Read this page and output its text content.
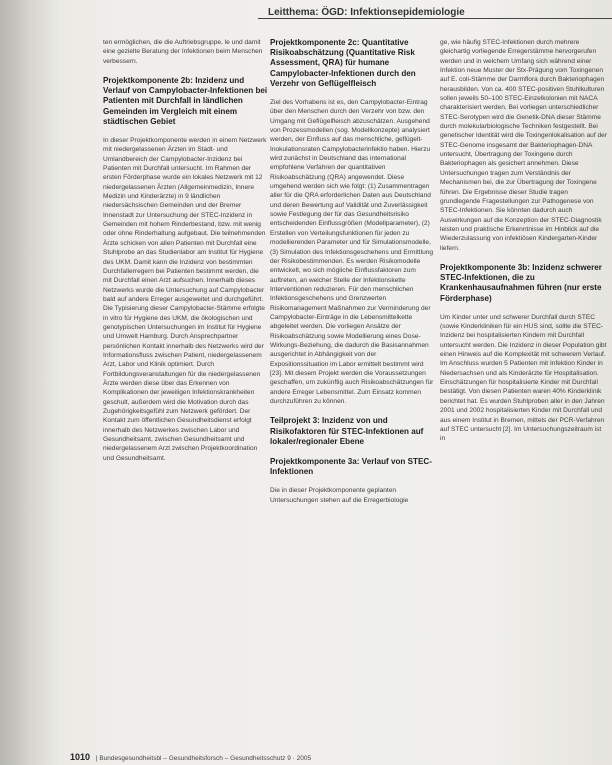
Leitthema: ÖGD: Infektionsepidemiologie

ten ermöglichen, die die Auftriebsgruppe, le und damit eine gezielte Beratung der Infektionen beim Menschen verbessern.

Projektkomponente 2b: Inzidenz und Verlauf von Campylobacter-Infektionen bei Patienten mit Durchfall in ländlichen Gemeinden im Vergleich mit einem städtischen Gebiet

In dieser Projektkomponente werden in einem Netzwerk mit niedergelassenen Ärzten im Stadt- und Umlandbereich der Campylobacter-Inzidenz bei Patienten mit Durchfall untersucht. Im Rahmen der ersten Förderphase wurde ein lokales Netzwerk mit 12 niedergelassenen Ärzten (Allgemeinmedizin, Innere Medizin und Kinderärzte) in 9 ländlichen niedersächsischen Gemeinden und der Bremer Innenstadt zur Untersuchung der STEC-Inzidenz in Gemeinden mit hohem Rinderbestand, bzw. mit wenig oder ohne Rinderhaltung aufgebaut. Die teilnehmenden Ärzte schicken von allen Patienten mit Durchfall eine Stuhlprobe an das Studienlabor am Institut für Hygiene des UKM. Damit kann die Inzidenz von bestimmten Durchfallerregern bei Patienten bestimmt werden, die mit Durchfall einen Arzt aufsuchen. Innerhalb dieses Netzwerks wurde die Untersuchung auf Campylobacter bald auf andere Erreger ausgeweitet und durchgeführt. Die Typisierung dieser Campylobacter-Stämme erfolgte in vitro für Hygiene des UKM, die ökologischen und genotypischen Untersuchungen im Institut für Hygiene und Umwelt Hamburg. Durch Ansprechpartner persönlichen Kontakt innerhalb des Netzwerks wird der Informationsfluss zwischen Patient, niedergelassenem Arzt, Labor und Klinik optimiert. Durch Fortbildungsveranstaltungen für die niedergelassenen Ärzte werden diese über das Erkennen von Komplikationen der jeweiligen Infektionskrankheiten geschult, außerdem wird die Motivation durch das Zugehörigkeitsgefühl zum Netzwerk gefördert. Der Kontakt zum öffentlichen Gesundheitsdienst erfolgt innerhalb des Netzwerkes zwischen Labor und Gesundheitsamt, zwischen Gesundheitsamt und niedergelassenem Arzt zwischen Projektkoordination und Gesundheitsamt.

Projektkomponente 2c: Quantitative Risikoabschätzung (Quantitative Risk Assessment, QRA) für humane Campylobacter-Infektionen durch den Verzehr von Geflügelfleisch

Ziel des Vorhabens ist es, den Campylobacter-Eintrag über den Menschen durch den Verzehr von bzw. den Umgang mit Geflügelfleisch abzuschätzen. Ausgehend von Prozessmodellen (sog. Modellkonzepte) analysiert werden, der Einfluss auf das menschliche, geflügelt-Inokulationsraten Campylobacterinfektio haben. Hierzu wird zunächst in Deutschland das international empfohlene Verfahren der quantitativen Risikoabschätzung (QRA) angewendet. Diese umgehend werden sich wie folgt: (1) Zusammentragen aller für die QRA erforderlichen Daten aus Deutschland und deren Bewertung auf Validität und Zuverlässigkeit sowie Festlegung der für das Gesundheitsrisiko entscheidenden Einflussgrößen (Modellparameter), (2) Erstellen von Verteilungsfunktionen für jeden zu modellierenden Parameter und für Simulationsmodelle, (3) Simulation des Infektionsgeschehens und Ermittlung der Risikobestimmenden. Es werden Risikomodelle entwickelt, wo sich mögliche Einflussfaktoren zum auftreten, an welcher Stelle der Infektionskette Interventionen reduzieren. Für den menschlichen Infektionsgeschehens und Grenzwerten Risikomanagement Maßnahmen zur Verminderung der Campylobacter-Einträge in die Lebensmittelkette abgeleitet werden. Die vorliegen Ansätze der Risikoabschätzung sowie Modellierung eines Dose-Wirkungs-Beziehung, die dadurch die Basisannahmen ausgerichtet in Abhängigkeit von der Expositionssituation im Labor ermittelt bestimmt wird [23]. Mit diesem Projekt werden die Voraussetzungen geschaffen, um zukünftig auch Risikoabschätzungen für andere Erreger Lebensmittel. Zum Einsatz kommen durchzuführen zu können.

Teilprojekt 3: Inzidenz von und Risikofaktoren für STEC-Infektionen auf lokaler/regionaler Ebene
Projektkomponente 3a: Verlauf von STEC-Infektionen

Die in dieser Projektkomponente geplanten Untersuchungen stehen auf die Erregerbiologie

ge, wie häufig STEC-Infektionen durch mehrere gleichartig vorliegende Erregerstämme hervorgerufen werden und in welchem Umfang sich während einer Infektion neue Muster der Stx-Prägung vom Toxingenen auf E. coli-Stämme der Darmflora durch Bakteriophagen herausbilden. Von ca. 400 STEC-positiven Stuhlkulturen sollen jeweils 50–100 STEC-Einzelkolonien mit NACA charakterisiert werden. Bei vorliegen unterschiedlicher STEC-Serotypen wird die Genetik-DNA dieser Stämme durch molekularbiologische Techniken festgestellt. Bei genetischer Identität wird die Toxingenlokalisation auf der STEC-Genome insgesamt der Bakteriophagen-DNA untersucht, Übertragung der Toxingene durch Bakteriophagen als gesichert annehmen. Diese Untersuchungen tragen zum Verständnis der Mechanismen bei, die zur Übertragung der Toxingene führen. Die Ergebnisse dieser Studie tragen grundlegende Fragestellungen zur Pathogenese von STEC-Infektionen. Sie könnten dadurch auch Auswirkungen auf die Konzeption der STEC-Diagnostik leisten und praktische Erkenntnisse im Hinblick auf die Wiederzulassung von infektiösen Kindergarten-Kinder liefern.

Projektkomponente 3b: Inzidenz schwerer STEC-Infektionen, die zu Krankenhausaufnahmen führen (nur erste Förderphase)

Um Kinder unter und schwerer Durchfall durch STEC (sowie Kinderkliniken für ein HUS sind, sollte die STEC-Inzidenz bei hospitalisierten Kindern mit Durchfall untersucht werden. Die Inzidenz in dieser Population gibt einen Hinweis auf die Komplexität mit schwerem Verlauf. Im Anschluss wurden 5 Patienten mit Infektion Kinder in Niedersachsen und als Kinderärzte für Hospitalisation. Einschätzungen für hospitalisierte Kinder mit Durchfall bestätigt. Von diesen Patienten waren 40% Kinderklinik berichtet hat. Es wurden Stuhlproben aller in den Jahren 2001 und 2002 hospitalisierten Kinder mit Durchfall und aus einem Institut in Bremen, mittels der PCR-Verfahren auf STEC untersucht [2]. Im Untersuchungszeitraum ist in

1010 | Bundesgesundheitsbl – Gesundheitsforsch – Gesundheitsschutz 9 · 2005
